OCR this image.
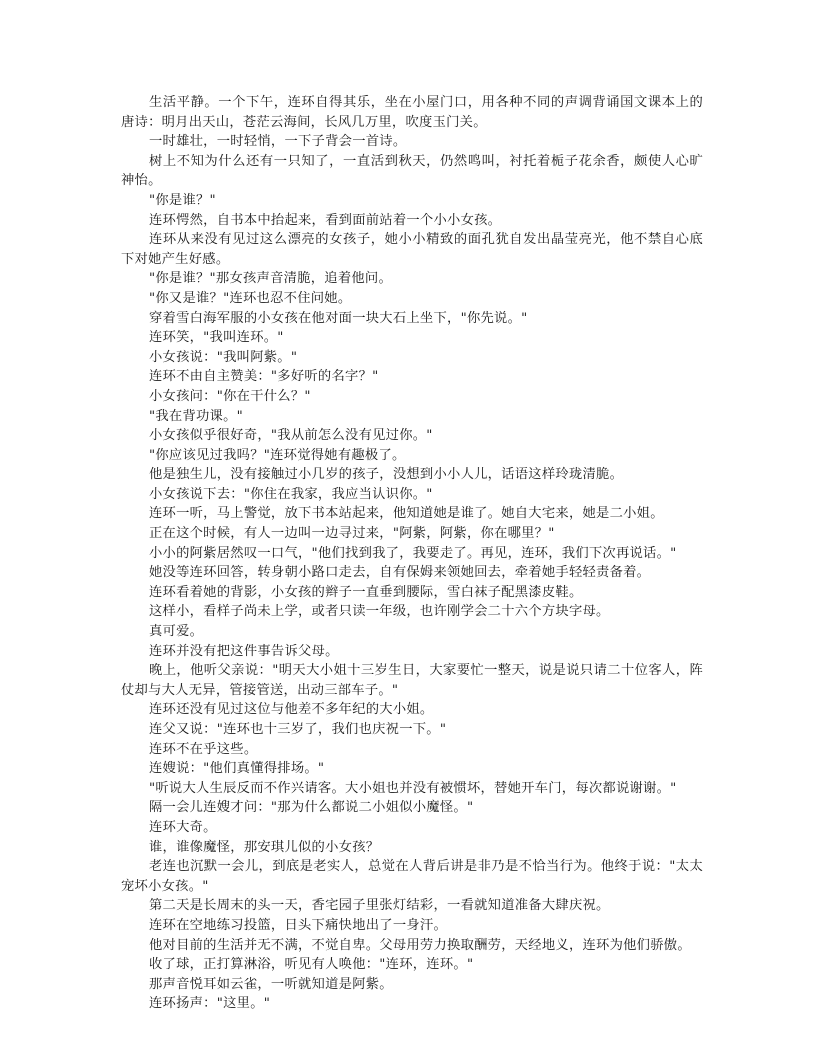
生活平静。一个下午，连环自得其乐，坐在小屋门口，用各种不同的声调背诵国文课本上的唐诗：明月出天山，苍茫云海间，长风几万里，吹度玉门关。

一时雄壮，一时轻悄，一下子背会一首诗。

树上不知为什么还有一只知了，一直活到秋天，仍然鸣叫，衬托着栀子花余香，颇使人心旷神怡。

"你是谁？"

连环愕然，自书本中抬起来，看到面前站着一个小小女孩。

连环从来没有见过这么漂亮的女孩子，她小小精致的面孔犹自发出晶莹亮光，他不禁自心底下对她产生好感。

"你是谁？"那女孩声音清脆，追着他问。

"你又是谁？"连环也忍不住问她。

穿着雪白海军服的小女孩在他对面一块大石上坐下，"你先说。"

连环笑，"我叫连环。"

小女孩说："我叫阿紫。"

连环不由自主赞美："多好听的名字？"

小女孩问："你在干什么？"

"我在背功课。"

小女孩似乎很好奇，"我从前怎么没有见过你。"

"你应该见过我吗？"连环觉得她有趣极了。

他是独生儿，没有接触过小几岁的孩子，没想到小小人儿，话语这样玲珑清脆。

小女孩说下去："你住在我家，我应当认识你。"

连环一听，马上警觉，放下书本站起来，他知道她是谁了。她自大宅来，她是二小姐。

正在这个时候，有人一边叫一边寻过来，"阿紫，阿紫，你在哪里？"

小小的阿紫居然叹一口气，"他们找到我了，我要走了。再见，连环，我们下次再说话。"

她没等连环回答，转身朝小路口走去，自有保姆来领她回去，牵着她手轻轻责备着。

连环看着她的背影，小女孩的辫子一直垂到腰际，雪白袜子配黑漆皮鞋。

这样小，看样子尚未上学，或者只读一年级，也许刚学会二十六个方块字母。

真可爱。

连环并没有把这件事告诉父母。

晚上，他听父亲说："明天大小姐十三岁生日，大家要忙一整天，说是说只请二十位客人，阵仗却与大人无异，管接管送，出动三部车子。"

连环还没有见过这位与他差不多年纪的大小姐。

连父又说："连环也十三岁了，我们也庆祝一下。"

连环不在乎这些。

连嫂说："他们真懂得排场。"

"听说大人生辰反而不作兴请客。大小姐也并没有被惯坏，替她开车门，每次都说谢谢。"

隔一会儿连嫂才问："那为什么都说二小姐似小魔怪。"

连环大奇。

谁，谁像魔怪，那安琪儿似的小女孩？

老连也沉默一会儿，到底是老实人，总觉在人背后讲是非乃是不恰当行为。他终于说："太太宠坏小女孩。"

第二天是长周末的头一天，香宅园子里张灯结彩，一看就知道准备大肆庆祝。

连环在空地练习投篮，日头下痛快地出了一身汗。

他对目前的生活并无不满，不觉自卑。父母用劳力换取酬劳，天经地义，连环为他们骄傲。

收了球，正打算淋浴，听见有人唤他："连环，连环。"

那声音悦耳如云雀，一听就知道是阿紫。

连环扬声："这里。"
